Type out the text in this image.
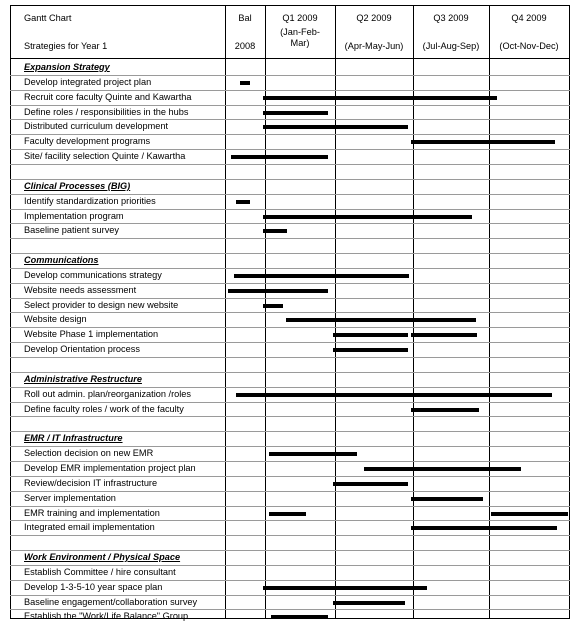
Gantt Chart
Strategies for Year 1
Bal
2008
Q1 2009
(Jan-Feb-
Mar)
Q2 2009
(Apr-May-Jun)
Q3 2009
(Jul-Aug-Sep)
Q4 2009
(Oct-Nov-Dec)
Expansion Strategy
Develop integrated project plan
Recruit core faculty Quinte and Kawartha
Define roles / responsibilities in the hubs
Distributed curriculum development
Faculty development programs
Site/ facility selection Quinte / Kawartha
Clinical Processes (BIG)
Identify standardization priorities
Implementation program
Baseline patient survey
Communications
Develop communications strategy
Website needs assessment
Select provider to design new website
Website design
Website Phase 1 implementation
Develop Orientation process
Administrative Restructure
Roll out admin. plan/reorganization /roles
Define faculty roles / work of the faculty
EMR / IT Infrastructure
Selection decision on new EMR
Develop EMR implementation project plan
Review/decision IT infrastructure
Server implementation
EMR training and implementation
Integrated email implementation
Work Environment / Physical Space
Establish Committee / hire consultant
Develop 1-3-5-10 year space plan
Baseline engagement/collaboration survey
Establish the "Work/Life Balance" Group
